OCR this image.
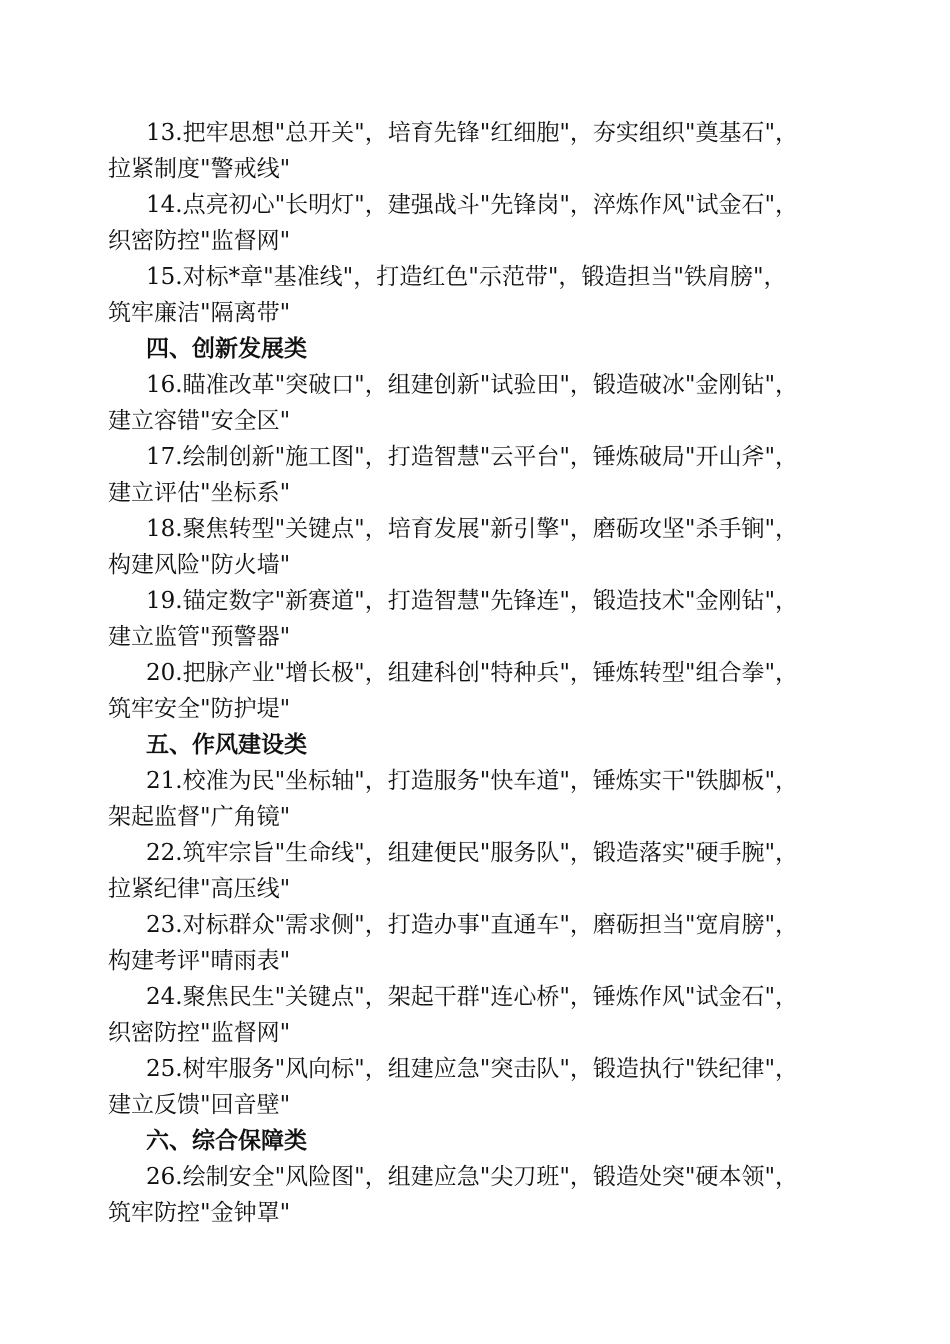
13.把牢思想"总开关"，培育先锋"红细胞"，夯实组织"奠基石"，
拉紧制度"警戒线"
14.点亮初心"长明灯"，建强战斗"先锋岗"，淬炼作风"试金石"，
织密防控"监督网"
15.对标*章"基准线"，打造红色"示范带"，锻造担当"铁肩膀"，
筑牢廉洁"隔离带"
四、创新发展类
16.瞄准改革"突破口"，组建创新"试验田"，锻造破冰"金刚钻"，
建立容错"安全区"
17.绘制创新"施工图"，打造智慧"云平台"，锤炼破局"开山斧"，
建立评估"坐标系"
18.聚焦转型"关键点"，培育发展"新引擎"，磨砺攻坚"杀手锏"，
构建风险"防火墙"
19.锚定数字"新赛道"，打造智慧"先锋连"，锻造技术"金刚钻"，
建立监管"预警器"
20.把脉产业"增长极"，组建科创"特种兵"，锤炼转型"组合拳"，
筑牢安全"防护堤"
五、作风建设类
21.校准为民"坐标轴"，打造服务"快车道"，锤炼实干"铁脚板"，
架起监督"广角镜"
22.筑牢宗旨"生命线"，组建便民"服务队"，锻造落实"硬手腕"，
拉紧纪律"高压线"
23.对标群众"需求侧"，打造办事"直通车"，磨砺担当"宽肩膀"，
构建考评"晴雨表"
24.聚焦民生"关键点"，架起干群"连心桥"，锤炼作风"试金石"，
织密防控"监督网"
25.树牢服务"风向标"，组建应急"突击队"，锻造执行"铁纪律"，
建立反馈"回音壁"
六、综合保障类
26.绘制安全"风险图"，组建应急"尖刀班"，锻造处突"硬本领"，
筑牢防控"金钟罩"
